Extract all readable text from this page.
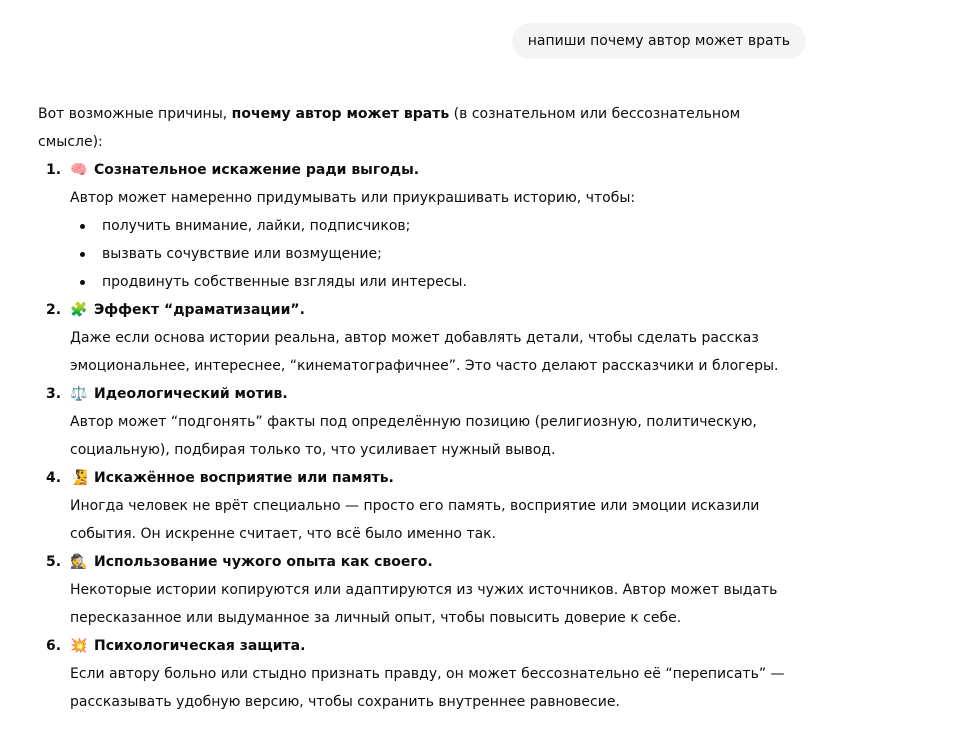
напиши почему автор может врать

Вот возможные причины, почему автор может врать (в сознательном или бессознательном смысле):

1. 🧠 Сознательное искажение ради выгоды.
Автор может намеренно придумывать или приукрашивать историю, чтобы:
получить внимание, лайки, подписчиков;
вызвать сочувствие или возмущение;
продвинуть собственные взгляды или интересы.
2. 🧩 Эффект “драматизации”.
Даже если основа истории реальна, автор может добавлять детали, чтобы сделать рассказ эмоциональнее, интереснее, “кинематографичнее”. Это часто делают рассказчики и блогеры.
3. ⚖️ Идеологический мотив.
Автор может “подгонять” факты под определённую позицию (религиозную, политическую, социальную), подбирая только то, что усиливает нужный вывод.
4. 🧏 Искажённое восприятие или память.
Иногда человек не врёт специально — просто его память, восприятие или эмоции исказили события. Он искренне считает, что всё было именно так.
5. 🕵️ Использование чужого опыта как своего.
Некоторые истории копируются или адаптируются из чужих источников. Автор может выдать пересказанное или выдуманное за личный опыт, чтобы повысить доверие к себе.
6. 💥 Психологическая защита.
Если автору больно или стыдно признать правду, он может бессознательно её “переписать” — рассказывать удобную версию, чтобы сохранить внутреннее равновесие.
